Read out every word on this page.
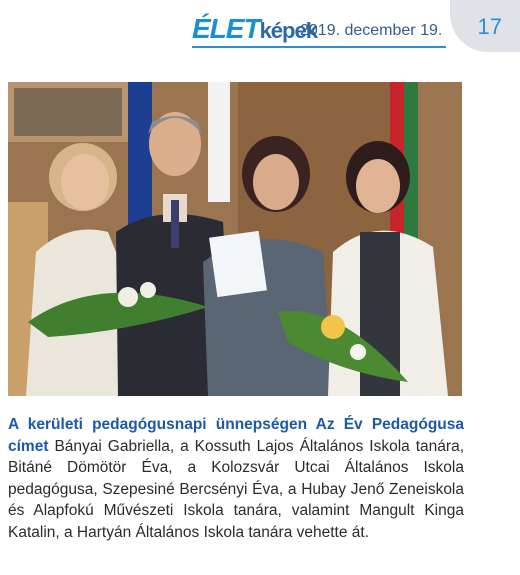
17
ÉLETképek
2019. december 19.
A kerületi pedagógusnapi ünnepségen Az Év Pedagógusa címet Bányai Gabriella, a Kossuth Lajos Általános Iskola tanára, Bitáné Dömötör Éva, a Kolozsvár Utcai Általános Iskola pedagógusa, Szepesiné Bercsényi Éva, a Hubay Jenő Zeneiskola és Alapfokú Művészeti Iskola tanára, valamint Mangult Kinga Katalin, a Hartyán Általános Iskola tanára vehette át.
